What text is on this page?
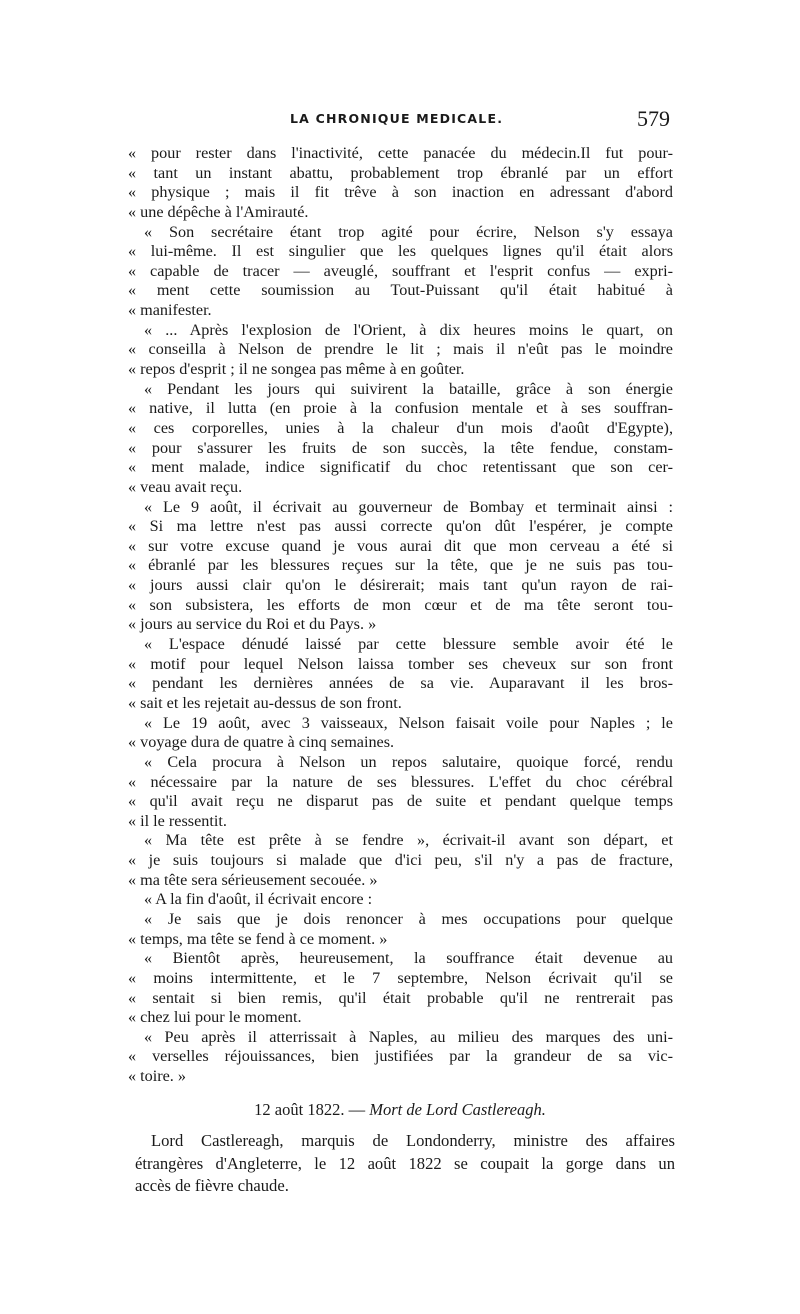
LA CHRONIQUE MEDICALE.	579
« pour rester dans l'inactivité, cette panacée du médecin.Il fut pour-
« tant un instant abattu, probablement trop ébranlé par un effort
« physique ; mais il fit trêve à son inaction en adressant d'abord
« une dépêche à l'Amirauté.
« Son secrétaire étant trop agité pour écrire, Nelson s'y essaya
« lui-même. Il est singulier que les quelques lignes qu'il était alors
« capable de tracer — aveuglé, souffrant et l'esprit confus — expri-
« ment cette soumission au Tout-Puissant qu'il était habitué à
« manifester.
« ... Après l'explosion de l'Orient, à dix heures moins le quart, on
« conseilla à Nelson de prendre le lit ; mais il n'eût pas le moindre
« repos d'esprit ; il ne songea pas même à en goûter.
« Pendant les jours qui suivirent la bataille, grâce à son énergie
« native, il lutta (en proie à la confusion mentale et à ses souffran-
« ces corporelles, unies à la chaleur d'un mois d'août d'Egypte),
« pour s'assurer les fruits de son succès, la tête fendue, constam-
« ment malade, indice significatif du choc retentissant que son cer-
« veau avait reçu.
« Le 9 août, il écrivait au gouverneur de Bombay et terminait ainsi :
« Si ma lettre n'est pas aussi correcte qu'on dût l'espérer, je compte
« sur votre excuse quand je vous aurai dit que mon cerveau a été si
« ébranlé par les blessures reçues sur la tête, que je ne suis pas tou-
« jours aussi clair qu'on le désirerait; mais tant qu'un rayon de rai-
« son subsistera, les efforts de mon cœur et de ma tête seront tou-
« jours au service du Roi et du Pays. »
« L'espace dénudé laissé par cette blessure semble avoir été le
« motif pour lequel Nelson laissa tomber ses cheveux sur son front
« pendant les dernières années de sa vie. Auparavant il les bros-
« sait et les rejetait au-dessus de son front.
« Le 19 août, avec 3 vaisseaux, Nelson faisait voile pour Naples ; le
« voyage dura de quatre à cinq semaines.
« Cela procura à Nelson un repos salutaire, quoique forcé, rendu
« nécessaire par la nature de ses blessures. L'effet du choc cérébral
« qu'il avait reçu ne disparut pas de suite et pendant quelque temps
« il le ressentit.
« Ma tête est prête à se fendre », écrivait-il avant son départ, et
« je suis toujours si malade que d'ici peu, s'il n'y a pas de fracture,
« ma tête sera sérieusement secouée. »
« A la fin d'août, il écrivait encore :
« Je sais que je dois renoncer à mes occupations pour quelque
« temps, ma tête se fend à ce moment. »
« Bientôt après, heureusement, la souffrance était devenue au
« moins intermittente, et le 7 septembre, Nelson écrivait qu'il se
« sentait si bien remis, qu'il était probable qu'il ne rentrerait pas
« chez lui pour le moment.
« Peu après il atterrissait à Naples, au milieu des marques des uni-
« verselles réjouissances, bien justifiées par la grandeur de sa vic-
« toire. »
12 août 1822. — Mort de Lord Castlereagh.
Lord Castlereagh, marquis de Londonderry, ministre des affaires
étrangères d'Angleterre, le 12 août 1822 se coupait la gorge dans un
accès de fièvre chaude.
